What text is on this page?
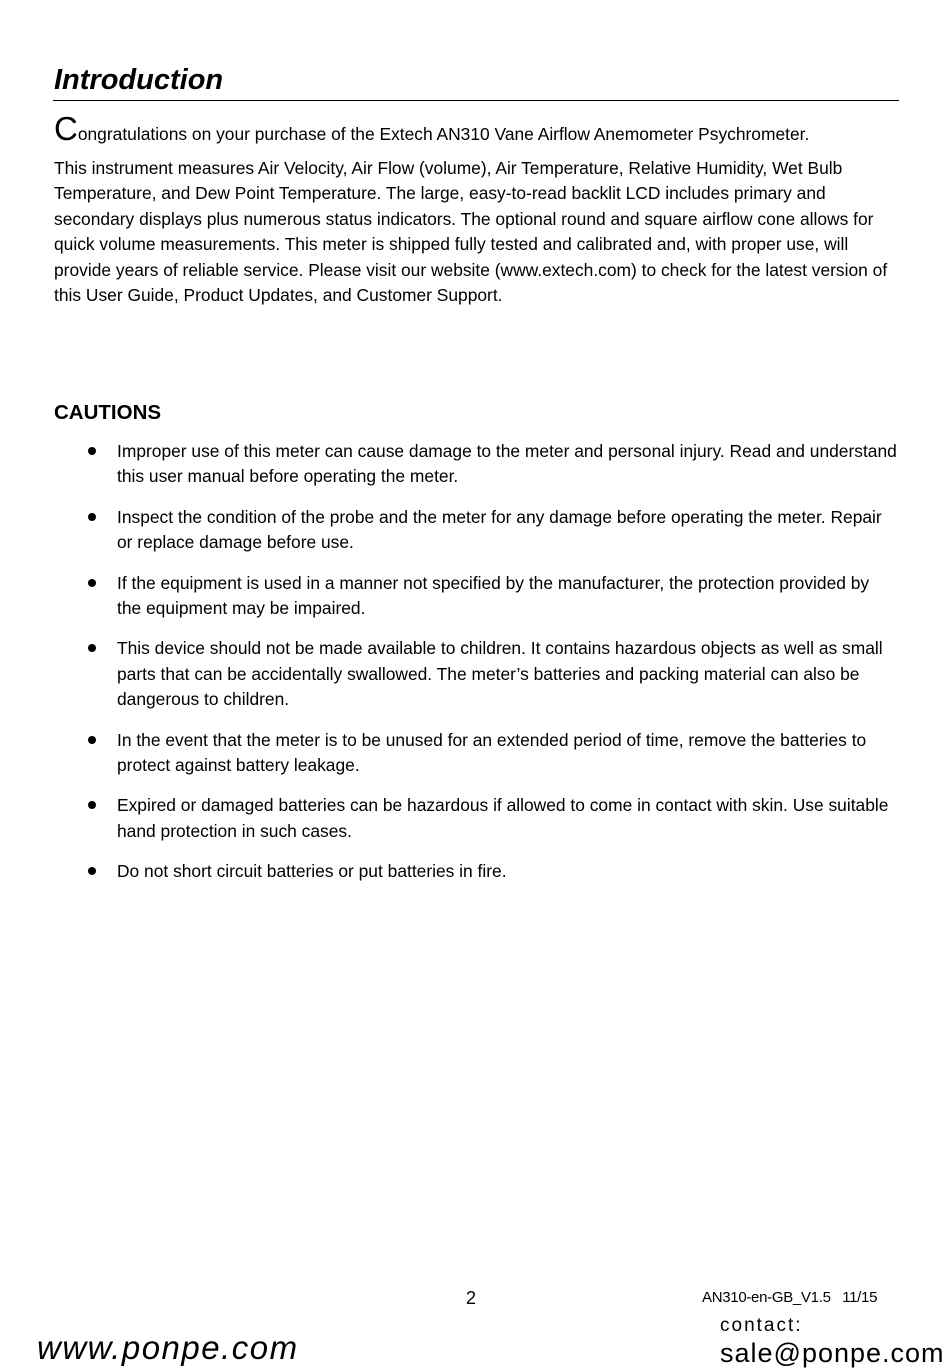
Introduction

Congratulations on your purchase of the Extech AN310 Vane Airflow Anemometer Psychrometer.
This instrument measures Air Velocity, Air Flow (volume), Air Temperature, Relative Humidity, Wet Bulb Temperature, and Dew Point Temperature. The large, easy-to-read backlit LCD includes primary and secondary displays plus numerous status indicators. The optional round and square airflow cone allows for quick volume measurements. This meter is shipped fully tested and calibrated and, with proper use, will provide years of reliable service. Please visit our website (www.extech.com) to check for the latest version of this User Guide, Product Updates, and Customer Support.

CAUTIONS
Improper use of this meter can cause damage to the meter and personal injury. Read and understand this user manual before operating the meter.
Inspect the condition of the probe and the meter for any damage before operating the meter. Repair or replace damage before use.
If the equipment is used in a manner not specified by the manufacturer, the protection provided by the equipment may be impaired.
This device should not be made available to children. It contains hazardous objects as well as small parts that can be accidentally swallowed. The meter’s batteries and packing material can also be dangerous to children.
In the event that the meter is to be unused for an extended period of time, remove the batteries to protect against battery leakage.
Expired or damaged batteries can be hazardous if allowed to come in contact with skin. Use suitable hand protection in such cases.
Do not short circuit batteries or put batteries in fire.
2	AN310-en-GB_V1.5   11/15
www.ponpe.com
contact:
sale@ponpe.com
